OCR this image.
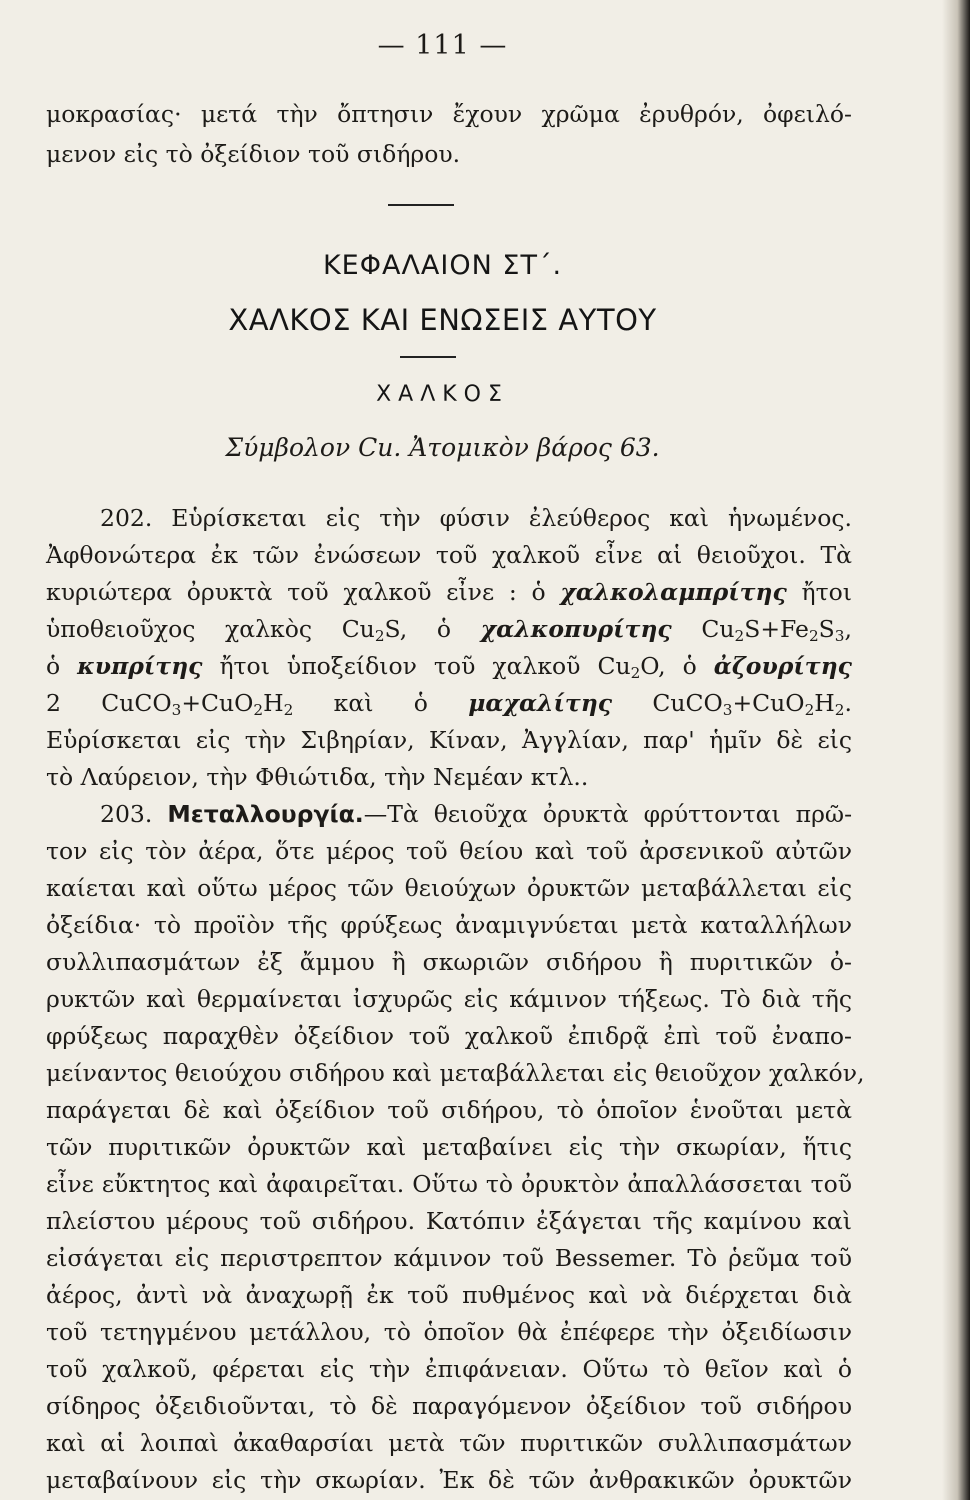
— 111 —
μοκρασίας· μετά τὴν ὄπτησιν ἔχουν χρῶμα ἐρυθρόν, ὀφειλό-
μενον εἰς τὸ ὀξείδιον τοῦ σιδήρου.
ΚΕΦΑΛΑΙΟΝ ΣΤ΄.
ΧΑΛΚΟΣ ΚΑΙ ΕΝΩΣΕΙΣ ΑΥΤΟΥ
ΧΑΛΚΟΣ
Σύμβολον Cu. Ἀτομικὸν βάρος 63.
202. Εὑρίσκεται εἰς τὴν φύσιν ἐλεύθερος καὶ ἡνωμένος.
Ἀφθονώτερα ἐκ τῶν ἐνώσεων τοῦ χαλκοῦ εἶνε αἱ θειοῦχοι. Τὰ
κυριώτερα ὀρυκτὰ τοῦ χαλκοῦ εἶνε : ὁ χαλκολαμπρίτης ἤτοι
ὑποθειοῦχος χαλκὸς $Cu_2S$, ὁ χαλκοπυρίτης $Cu_2S+Fe_2S_3$,
ὁ κυπρίτης ἤτοι ὑποξείδιον τοῦ χαλκοῦ $Cu_2O$, ὁ ἀζουρίτης
2 $CuCO_3+CuO_2H_2$ καὶ ὁ μαχαλίτης $CuCO_3+CuO_2H_2$.
Εὑρίσκεται εἰς τὴν Σιβηρίαν, Κίναν, Ἀγγλίαν, παρ' ἡμῖν δὲ εἰς
τὸ Λαύρειον, τὴν Φθιώτιδα, τὴν Νεμέαν κτλ..
203. Μεταλλουργία.—Τὰ θειοῦχα ὀρυκτὰ φρύττονται πρῶ-
τον εἰς τὸν ἀέρα, ὅτε μέρος τοῦ θείου καὶ τοῦ ἀρσενικοῦ αὐτῶν
καίεται καὶ οὕτω μέρος τῶν θειούχων ὀρυκτῶν μεταβάλλεται εἰς
ὀξείδια· τὸ προϊὸν τῆς φρύξεως ἀναμιγνύεται μετὰ καταλλήλων
συλλιπασμάτων ἐξ ἄμμου ἢ σκωριῶν σιδήρου ἢ πυριτικῶν ὀ-
ρυκτῶν καὶ θερμαίνεται ἰσχυρῶς εἰς κάμινον τήξεως. Τὸ διὰ τῆς
φρύξεως παραχθὲν ὀξείδιον τοῦ χαλκοῦ ἐπιδρᾷ ἐπὶ τοῦ ἐναπο-
μείναντος θειούχου σιδήρου καὶ μεταβάλλεται εἰς θειοῦχον χαλκόν,
παράγεται δὲ καὶ ὀξείδιον τοῦ σιδήρου, τὸ ὁποῖον ἑνοῦται μετὰ
τῶν πυριτικῶν ὀρυκτῶν καὶ μεταβαίνει εἰς τὴν σκωρίαν, ἥτις
εἶνε εὔκτητος καὶ ἀφαιρεῖται. Οὕτω τὸ ὀρυκτὸν ἀπαλλάσσεται τοῦ
πλείστου μέρους τοῦ σιδήρου. Κατόπιν ἐξάγεται τῆς καμίνου καὶ
εἰσάγεται εἰς περιστρεπτον κάμινον τοῦ Bessemer. Τὸ ῥεῦμα τοῦ
ἀέρος, ἀντὶ νὰ ἀναχωρῇ ἐκ τοῦ πυθμένος καὶ νὰ διέρχεται διὰ
τοῦ τετηγμένου μετάλλου, τὸ ὁποῖον θὰ ἐπέφερε τὴν ὀξειδίωσιν
τοῦ χαλκοῦ, φέρεται εἰς τὴν ἐπιφάνειαν. Οὕτω τὸ θεῖον καὶ ὁ
σίδηρος ὀξειδιοῦνται, τὸ δὲ παραγόμενον ὀξείδιον τοῦ σιδήρου
καὶ αἱ λοιπαὶ ἀκαθαρσίαι μετὰ τῶν πυριτικῶν συλλιπασμάτων
μεταβαίνουν εἰς τὴν σκωρίαν. Ἐκ δὲ τῶν ἀνθρακικῶν ὀρυκτῶν
